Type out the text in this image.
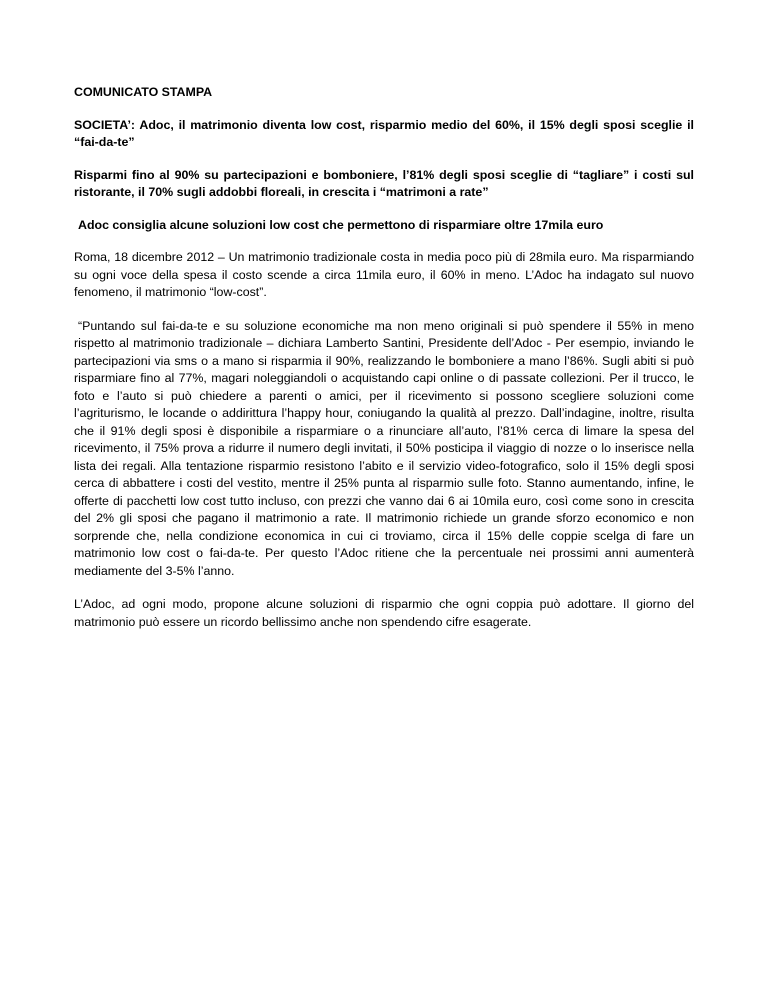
COMUNICATO STAMPA

SOCIETA’: Adoc, il matrimonio diventa low cost, risparmio medio del 60%, il 15% degli sposi sceglie il “fai-da-te”

Risparmi fino al 90% su partecipazioni e bomboniere, l’81% degli sposi sceglie di “tagliare” i costi sul ristorante, il 70% sugli addobbi floreali, in crescita i “matrimoni a rate”

Adoc consiglia alcune soluzioni low cost che permettono di risparmiare oltre 17mila euro

Roma, 18 dicembre 2012 – Un matrimonio tradizionale costa in media poco più di 28mila euro. Ma risparmiando su ogni voce della spesa il costo scende a circa 11mila euro, il 60% in meno. L’Adoc ha indagato sul nuovo fenomeno, il matrimonio “low-cost”.

“Puntando sul fai-da-te e su soluzione economiche ma non meno originali si può spendere il 55% in meno rispetto al matrimonio tradizionale – dichiara Lamberto Santini, Presidente dell’Adoc - Per esempio, inviando le partecipazioni via sms o a mano si risparmia il 90%, realizzando le bomboniere a mano l’86%. Sugli abiti si può risparmiare fino al 77%, magari noleggiandoli o acquistando capi online o di passate collezioni. Per il trucco, le foto e l’auto si può chiedere a parenti o amici, per il ricevimento si possono scegliere soluzioni come l’agriturismo, le locande o addirittura l’happy hour, coniugando la qualità al prezzo. Dall’indagine, inoltre, risulta che il 91% degli sposi è disponibile a risparmiare o a rinunciare all’auto, l’81% cerca di limare la spesa del ricevimento, il 75% prova a ridurre il numero degli invitati, il 50% posticipa il viaggio di nozze o lo inserisce nella lista dei regali. Alla tentazione risparmio resistono l’abito e il servizio video-fotografico, solo il 15% degli sposi cerca di abbattere i costi del vestito, mentre il 25% punta al risparmio sulle foto. Stanno aumentando, infine, le offerte di pacchetti low cost tutto incluso, con prezzi che vanno dai 6 ai 10mila euro, così come sono in crescita del 2% gli sposi che pagano il matrimonio a rate. Il matrimonio richiede un grande sforzo economico e non sorprende che, nella condizione economica in cui ci troviamo, circa il 15% delle coppie scelga di fare un matrimonio low cost o fai-da-te. Per questo l’Adoc ritiene che la percentuale nei prossimi anni aumenterà mediamente del 3-5% l’anno.

L’Adoc, ad ogni modo, propone alcune soluzioni di risparmio che ogni coppia può adottare. Il giorno del matrimonio può essere un ricordo bellissimo anche non spendendo cifre esagerate.
